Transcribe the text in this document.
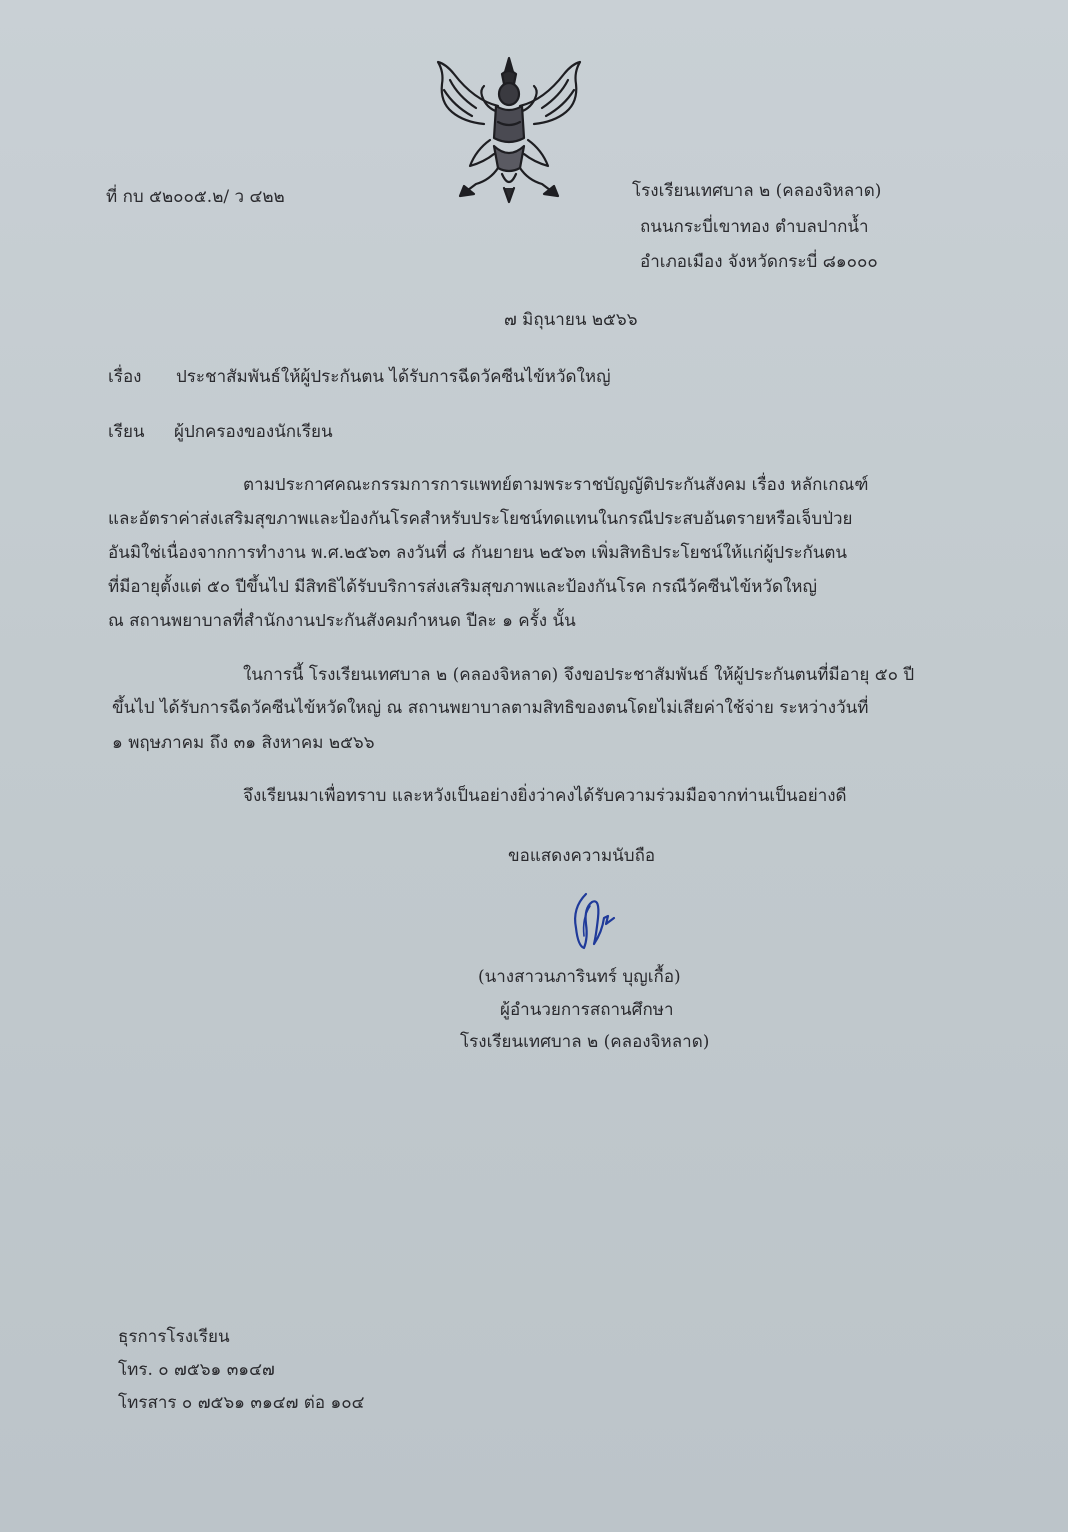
ที่ กบ ๕๒๐๐๕.๒/ ว ๔๒๒	โรงเรียนเทศบาล ๒ (คลองจิหลาด)
ถนนกระบี่เขาทอง ตำบลปากน้ำ
อำเภอเมือง จังหวัดกระบี่ ๘๑๐๐๐
๗ มิถุนายน ๒๕๖๖
เรื่อง ประชาสัมพันธ์ให้ผู้ประกันตน ได้รับการฉีดวัคซีนไข้หวัดใหญ่
เรียน ผู้ปกครองของนักเรียน
ตามประกาศคณะกรรมการการแพทย์ตามพระราชบัญญัติประกันสังคม เรื่อง หลักเกณฑ์
และอัตราค่าส่งเสริมสุขภาพและป้องกันโรคสำหรับประโยชน์ทดแทนในกรณีประสบอันตรายหรือเจ็บป่วย
อันมิใช่เนื่องจากการทำงาน พ.ศ.๒๕๖๓ ลงวันที่ ๘ กันยายน ๒๕๖๓ เพิ่มสิทธิประโยชน์ให้แก่ผู้ประกันตน
ที่มีอายุตั้งแต่ ๕๐ ปีขึ้นไป มีสิทธิได้รับบริการส่งเสริมสุขภาพและป้องกันโรค กรณีวัคซีนไข้หวัดใหญ่
ณ สถานพยาบาลที่สำนักงานประกันสังคมกำหนด ปีละ ๑ ครั้ง นั้น
ในการนี้ โรงเรียนเทศบาล ๒ (คลองจิหลาด) จึงขอประชาสัมพันธ์ ให้ผู้ประกันตนที่มีอายุ ๕๐ ปี
ขึ้นไป ได้รับการฉีดวัคซีนไข้หวัดใหญ่ ณ สถานพยาบาลตามสิทธิของตนโดยไม่เสียค่าใช้จ่าย ระหว่างวันที่
๑ พฤษภาคม ถึง ๓๑ สิงหาคม ๒๕๖๖
จึงเรียนมาเพื่อทราบ และหวังเป็นอย่างยิ่งว่าคงได้รับความร่วมมือจากท่านเป็นอย่างดี
ขอแสดงความนับถือ
(นางสาวนภารินทร์ บุญเกื้อ)
ผู้อำนวยการสถานศึกษา
โรงเรียนเทศบาล ๒ (คลองจิหลาด)
ธุรการโรงเรียน
โทร. ๐ ๗๕๖๑ ๓๑๔๗
โทรสาร ๐ ๗๕๖๑ ๓๑๔๗ ต่อ ๑๐๔
